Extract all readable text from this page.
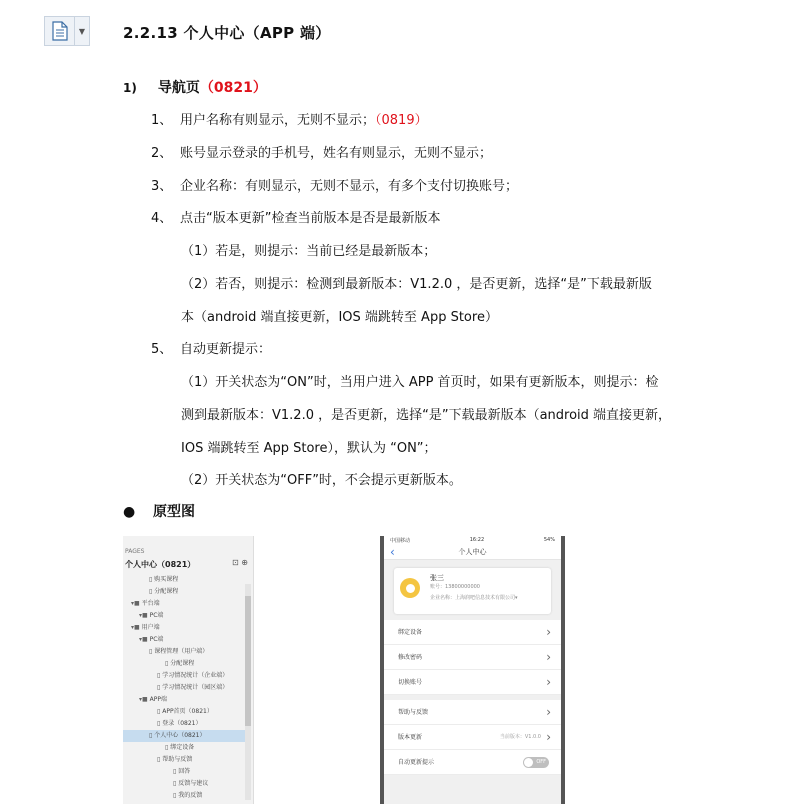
▼	2.2.13 个人中心（APP 端）
1) 导航页（0821）
1、 用户名称有则显示，无则不显示；（0819）
2、 账号显示登录的手机号，姓名有则显示，无则不显示；
3、 企业名称：有则显示，无则不显示，有多个支付切换账号；
4、 点击“版本更新”检查当前版本是否是最新版本
（1）若是，则提示：当前已经是最新版本；
（2）若否，则提示：检测到最新版本：V1.2.0 ，是否更新，选择“是”下载最新版
本（android 端直接更新，IOS 端跳转至 App Store）
5、 自动更新提示：
（1）开关状态为“ON”时，当用户进入 APP 首页时，如果有更新版本，则提示：检
测到最新版本：V1.2.0 ，是否更新，选择“是”下载最新版本（android 端直接更新，
IOS 端跳转至 App Store），默认为 “ON”；
（2）开关状态为“OFF”时，不会提示更新版本。
● 原型图
PAGES
个人中心（0821）	⊡ ⊕
▯ 购买课程
▯ 分配课程
▾■ 平台端
▾■ PC端
▾■ 用户端
▾■ PC端
▯ 课程管理（用户端）
▯ 分配课程
▯ 学习情况统计（企业端）
▯ 学习情况统计（园区端）
▾■ APP端
▯ APP首页（0821）
▯ 登录（0821）
▯ 个人中心（0821）
▯ 绑定设备
▯ 帮助与反馈
▯ 回答
▯ 反馈与建议
▯ 我的反馈
中国移动	16:22	54%
‹	个人中心
张三
账号：13800000000
企业名称：上海润吧信息技术有限公司▾
绑定设备	›
修改密码	›
切换账号	›
帮助与反馈	›
版本更新	当前版本：V1.0.0 ›
自动更新提示	OFF
